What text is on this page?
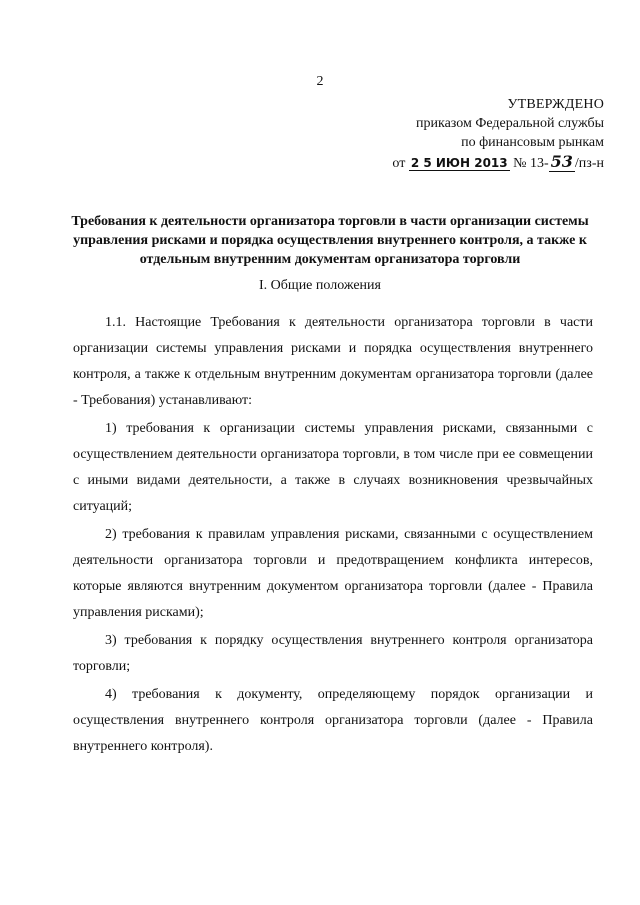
2
УТВЕРЖДЕНО
приказом Федеральной службы
по финансовым рынкам
от 2 5 ИЮН 2013 № 13- 53 /пз-н
Требования к деятельности организатора торговли в части организации системы управления рисками и порядка осуществления внутреннего контроля, а также к отдельным внутренним документам организатора торговли
I. Общие положения

1.1. Настоящие Требования к деятельности организатора торговли в части организации системы управления рисками и порядка осуществления внутреннего контроля, а также к отдельным внутренним документам организатора торговли (далее - Требования) устанавливают:

1) требования к организации системы управления рисками, связанными с осуществлением деятельности организатора торговли, в том числе при ее совмещении с иными видами деятельности, а также в случаях возникновения чрезвычайных ситуаций;

2) требования к правилам управления рисками, связанными с осуществлением деятельности организатора торговли и предотвращением конфликта интересов, которые являются внутренним документом организатора торговли (далее - Правила управления рисками);

3) требования к порядку осуществления внутреннего контроля организатора торговли;

4) требования к документу, определяющему порядок организации и осуществления внутреннего контроля организатора торговли (далее - Правила внутреннего контроля).
